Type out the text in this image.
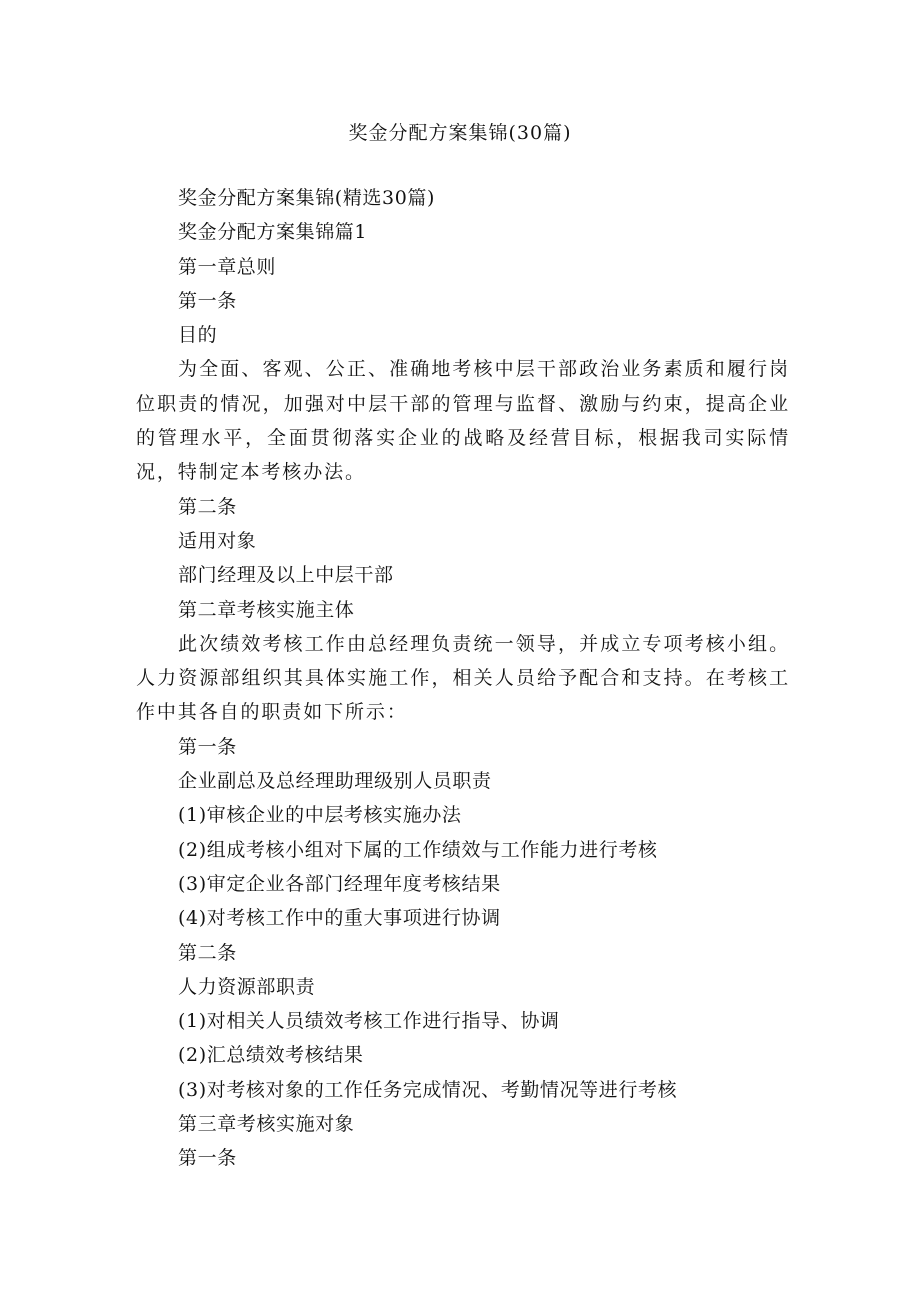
奖金分配方案集锦(30篇)

奖金分配方案集锦(精选30篇)

奖金分配方案集锦篇1

第一章总则

第一条

目的

为全面、客观、公正、准确地考核中层干部政治业务素质和履行岗位职责的情况，加强对中层干部的管理与监督、激励与约束，提高企业的管理水平，全面贯彻落实企业的战略及经营目标，根据我司实际情况，特制定本考核办法。

第二条

适用对象

部门经理及以上中层干部

第二章考核实施主体

此次绩效考核工作由总经理负责统一领导，并成立专项考核小组。人力资源部组织其具体实施工作，相关人员给予配合和支持。在考核工作中其各自的职责如下所示：

第一条

企业副总及总经理助理级别人员职责

(1)审核企业的中层考核实施办法

(2)组成考核小组对下属的工作绩效与工作能力进行考核

(3)审定企业各部门经理年度考核结果

(4)对考核工作中的重大事项进行协调

第二条

人力资源部职责

(1)对相关人员绩效考核工作进行指导、协调

(2)汇总绩效考核结果

(3)对考核对象的工作任务完成情况、考勤情况等进行考核

第三章考核实施对象

第一条
